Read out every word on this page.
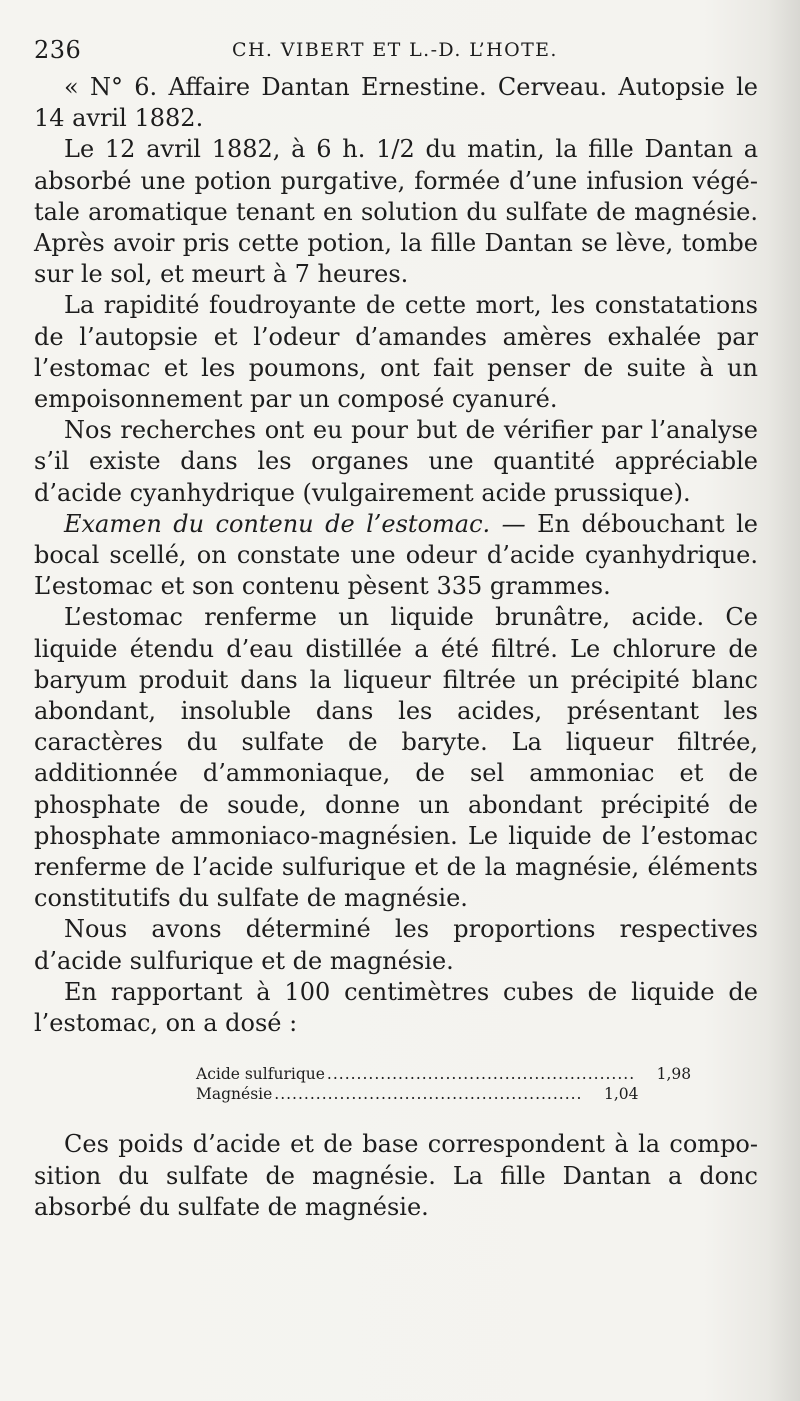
236	CH. VIBERT ET L.-D. L’HOTE.

« N° 6. Affaire Dantan Ernestine. Cerveau. Autopsie le 14 avril 1882.

Le 12 avril 1882, à 6 h. 1/2 du matin, la fille Dantan a absorbé une potion purgative, formée d’une infusion végétale aromatique tenant en solution du sulfate de magnésie. Après avoir pris cette potion, la fille Dantan se lève, tombe sur le sol, et meurt à 7 heures.

La rapidité foudroyante de cette mort, les constatations de l’autopsie et l’odeur d’amandes amères exhalée par l’estomac et les poumons, ont fait penser de suite à un empoisonnement par un composé cyanuré.

Nos recherches ont eu pour but de vérifier par l’analyse s’il existe dans les organes une quantité appréciable d’acide cyanhydrique (vulgairement acide prussique).

Examen du contenu de l’estomac. — En débouchant le bocal scellé, on constate une odeur d’acide cyanhydrique. L’estomac et son contenu pèsent 335 grammes.

L’estomac renferme un liquide brunâtre, acide. Ce liquide étendu d’eau distillée a été filtré. Le chlorure de baryum produit dans la liqueur filtrée un précipité blanc abondant, insoluble dans les acides, présentant les caractères du sulfate de baryte. La liqueur filtrée, additionnée d’ammoniaque, de sel ammoniac et de phosphate de soude, donne un abondant précipité de phosphate ammoniaco-magnésien. Le liquide de l’estomac renferme de l’acide sulfurique et de la magnésie, éléments constitutifs du sulfate de magnésie.

Nous avons déterminé les proportions respectives d’acide sulfurique et de magnésie.

En rapportant à 100 centimètres cubes de liquide de l’estomac, on a dosé :

Acide sulfurique ....................................................	1,98
Magnésie ....................................................	1,04

Ces poids d’acide et de base correspondent à la composition du sulfate de magnésie. La fille Dantan a donc absorbé du sulfate de magnésie.
